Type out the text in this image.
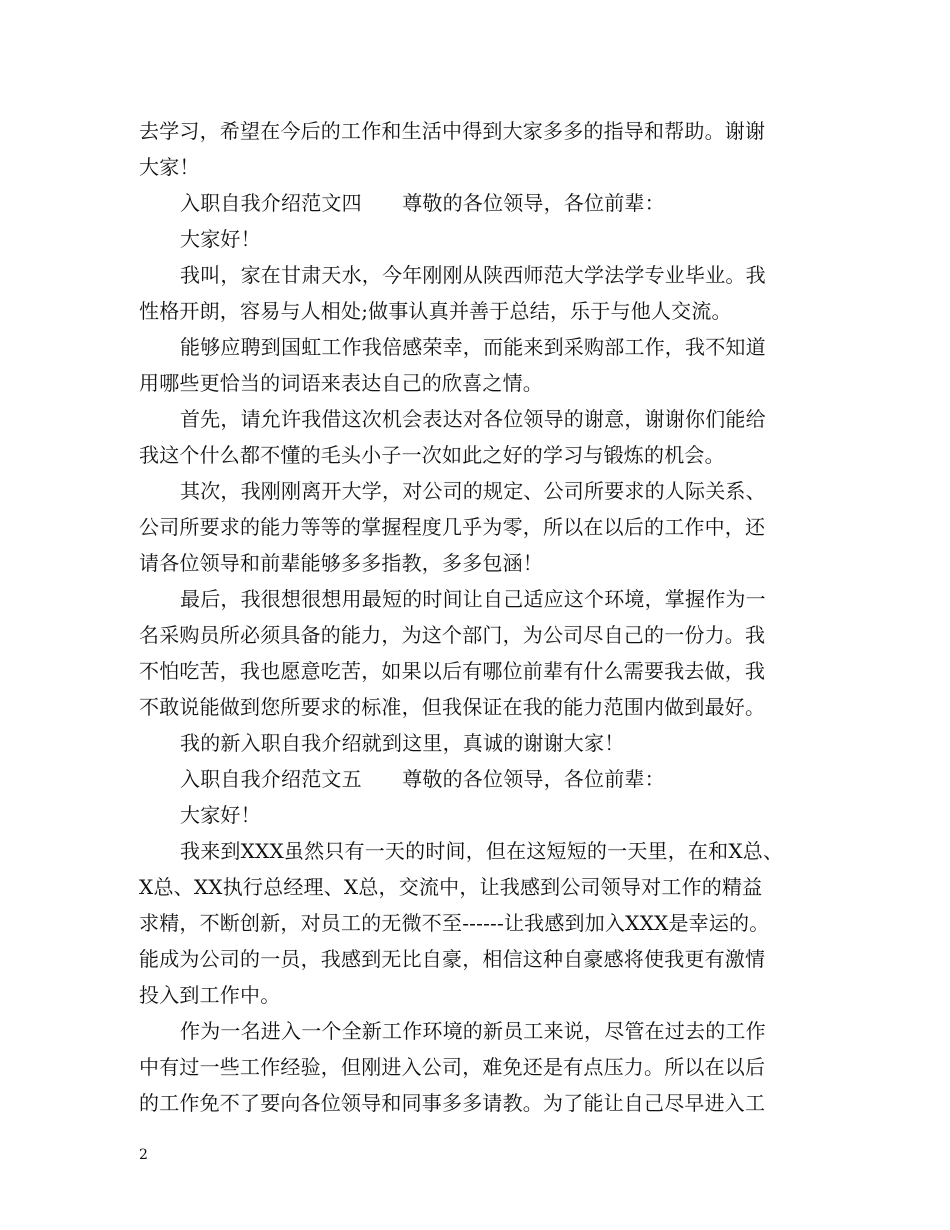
去学习，希望在今后的工作和生活中得到大家多多的指导和帮助。谢谢
大家！
入职自我介绍范文四　　尊敬的各位领导，各位前辈：
大家好！
我叫，家在甘肃天水，今年刚刚从陕西师范大学法学专业毕业。我
性格开朗，容易与人相处;做事认真并善于总结，乐于与他人交流。
能够应聘到国虹工作我倍感荣幸，而能来到采购部工作，我不知道
用哪些更恰当的词语来表达自己的欣喜之情。
首先，请允许我借这次机会表达对各位领导的谢意，谢谢你们能给
我这个什么都不懂的毛头小子一次如此之好的学习与锻炼的机会。
其次，我刚刚离开大学，对公司的规定、公司所要求的人际关系、
公司所要求的能力等等的掌握程度几乎为零，所以在以后的工作中，还
请各位领导和前辈能够多多指教，多多包涵！
最后，我很想很想用最短的时间让自己适应这个环境，掌握作为一
名采购员所必须具备的能力，为这个部门，为公司尽自己的一份力。我
不怕吃苦，我也愿意吃苦，如果以后有哪位前辈有什么需要我去做，我
不敢说能做到您所要求的标准，但我保证在我的能力范围内做到最好。
我的新入职自我介绍就到这里，真诚的谢谢大家！
入职自我介绍范文五　　尊敬的各位领导，各位前辈：
大家好！
我来到XXX虽然只有一天的时间，但在这短短的一天里，在和X总、
X总、XX执行总经理、X总，交流中，让我感到公司领导对工作的精益
求精，不断创新，对员工的无微不至------让我感到加入XXX是幸运的。
能成为公司的一员，我感到无比自豪，相信这种自豪感将使我更有激情
投入到工作中。
作为一名进入一个全新工作环境的新员工来说，尽管在过去的工作
中有过一些工作经验，但刚进入公司，难免还是有点压力。所以在以后
的工作免不了要向各位领导和同事多多请教。为了能让自己尽早进入工
2
